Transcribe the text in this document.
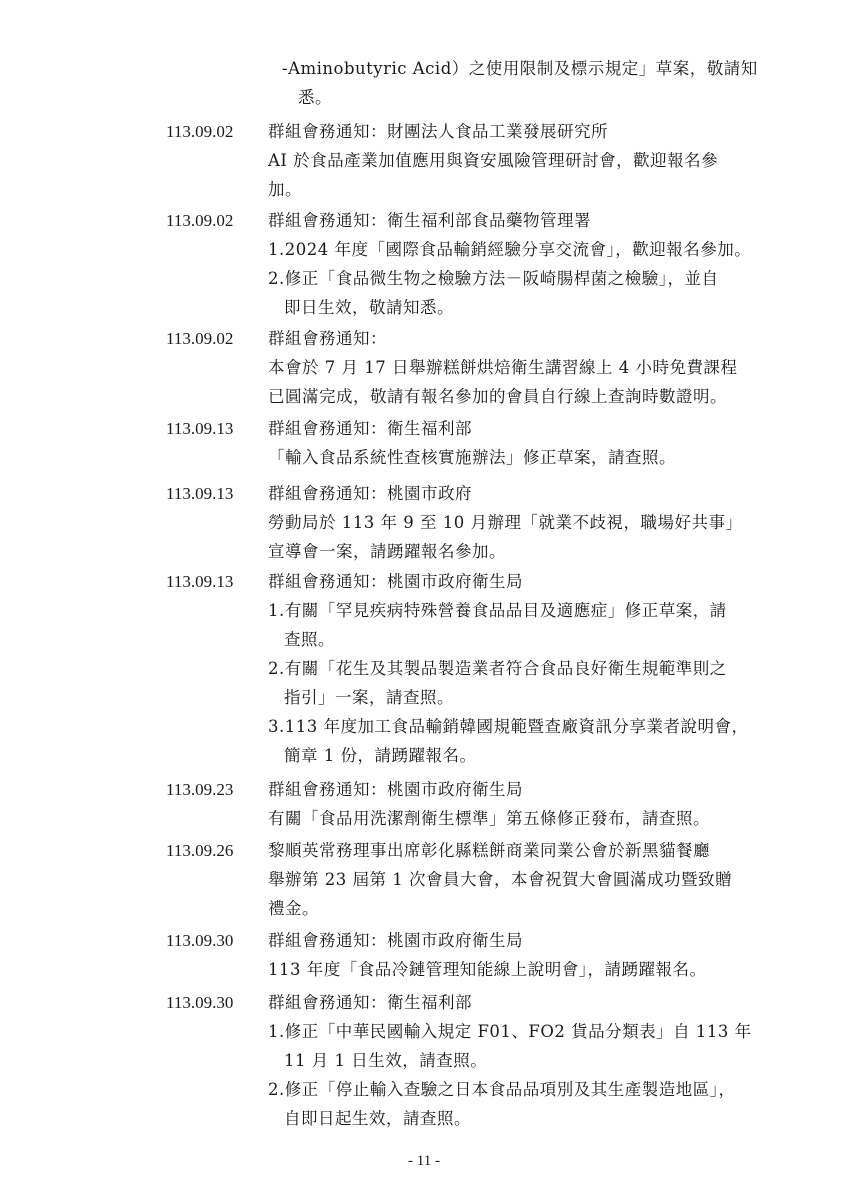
-Aminobutyric Acid）之使用限制及標示規定」草案，敬請知
悉。
113.09.02	群組會務通知：財團法人食品工業發展研究所
AI 於食品產業加值應用與資安風險管理研討會，歡迎報名參
加。
113.09.02	群組會務通知：衛生福利部食品藥物管理署
1.2024 年度「國際食品輸銷經驗分享交流會」，歡迎報名參加。
2.修正「食品微生物之檢驗方法－阪崎腸桿菌之檢驗」，並自
即日生效，敬請知悉。
113.09.02	群組會務通知：
本會於 7 月 17 日舉辦糕餅烘焙衛生講習線上 4 小時免費課程
已圓滿完成，敬請有報名參加的會員自行線上查詢時數證明。
113.09.13	群組會務通知：衛生福利部
「輸入食品系統性查核實施辦法」修正草案，請查照。
113.09.13	群組會務通知：桃園市政府
勞動局於 113 年 9 至 10 月辦理「就業不歧視，職場好共事」
宣導會一案，請踴躍報名參加。
113.09.13	群組會務通知：桃園市政府衛生局
1.有關「罕見疾病特殊營養食品品目及適應症」修正草案，請
查照。
2.有關「花生及其製品製造業者符合食品良好衛生規範準則之
指引」一案，請查照。
3.113 年度加工食品輸銷韓國規範暨查廠資訊分享業者說明會，
簡章 1 份，請踴躍報名。
113.09.23	群組會務通知：桃園市政府衛生局
有關「食品用洗潔劑衛生標準」第五條修正發布，請查照。
113.09.26	黎順英常務理事出席彰化縣糕餅商業同業公會於新黑貓餐廳
舉辦第 23 屆第 1 次會員大會，本會祝賀大會圓滿成功暨致贈
禮金。
113.09.30	群組會務通知：桃園市政府衛生局
113 年度「食品冷鏈管理知能線上說明會」，請踴躍報名。
113.09.30	群組會務通知：衛生福利部
1.修正「中華民國輸入規定 F01、FO2 貨品分類表」自 113 年
11 月 1 日生效，請查照。
2.修正「停止輸入查驗之日本食品品項別及其生產製造地區」，
自即日起生效，請查照。
- 11 -
